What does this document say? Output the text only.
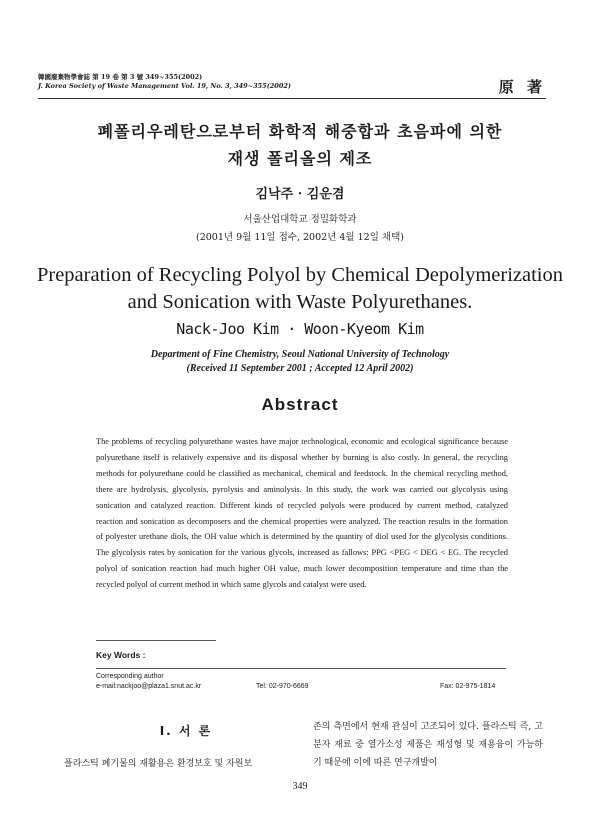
韓國廢棄物學會誌 第 19 卷 第 3 號 349~355(2002)
J. Korea Society of Waste Management Vol. 19, No. 3, 349~355(2002)	原 著
폐폴리우레탄으로부터 화학적 해중합과 초음파에 의한
재생 폴리올의 제조
김낙주 · 김운겸
서울산업대학교 정밀화학과
(2001년 9월 11일 접수, 2002년 4월 12일 채택)
Preparation of Recycling Polyol by Chemical Depolymerization
and Sonication with Waste Polyurethanes.
Nack-Joo Kim · Woon-Kyeom Kim
Department of Fine Chemistry, Seoul National University of Technology
(Received 11 September 2001 ; Accepted 12 April 2002)
Abstract
The problems of recycling polyurethane wastes have major technological, economic and ecological significance because polyurethane itself is relatively expensive and its disposal whether by burning is also costly. In general, the recycling methods for polyurethane could be classified as mechanical, chemical and feedstock. In the chemical recycling method, there are hydrolysis, glycolysis, pyrolysis and aminolysis. In this study, the work was carried out glycolysis using sonication and catalyzed reaction. Different kinds of recycled polyols were produced by current method, catalyzed reaction and sonication as decomposers and the chemical properties were analyzed. The reaction results in the formation of polyester urethane diols, the OH value which is determined by the quantity of diol used for the glycolysis conditions. The glycolysis rates by sonication for the various glycols, increased as fallows: PPG <PEG < DEG < EG. The recycled polyol of sonication reaction had much higher OH value, much lower decomposition temperature and time than the recycled polyol of current method in which same glycols and catalyst were used.
Key Words :
Corresponding author
e-mail:nackjoo@plaza1.snut.ac.kr	Tel: 02-970-6669	Fax: 02-975-1814
Ⅰ. 서 론
플라스틱 폐기물의 재활용은 환경보호 및 자원보
존의 측면에서 현재 관심이 고조되어 있다. 플라스틱 즉, 고분자 재료 중 열가소성 제품은 재성형 및 재용융이 가능하기 때문에 이에 따른 연구개발이
349
